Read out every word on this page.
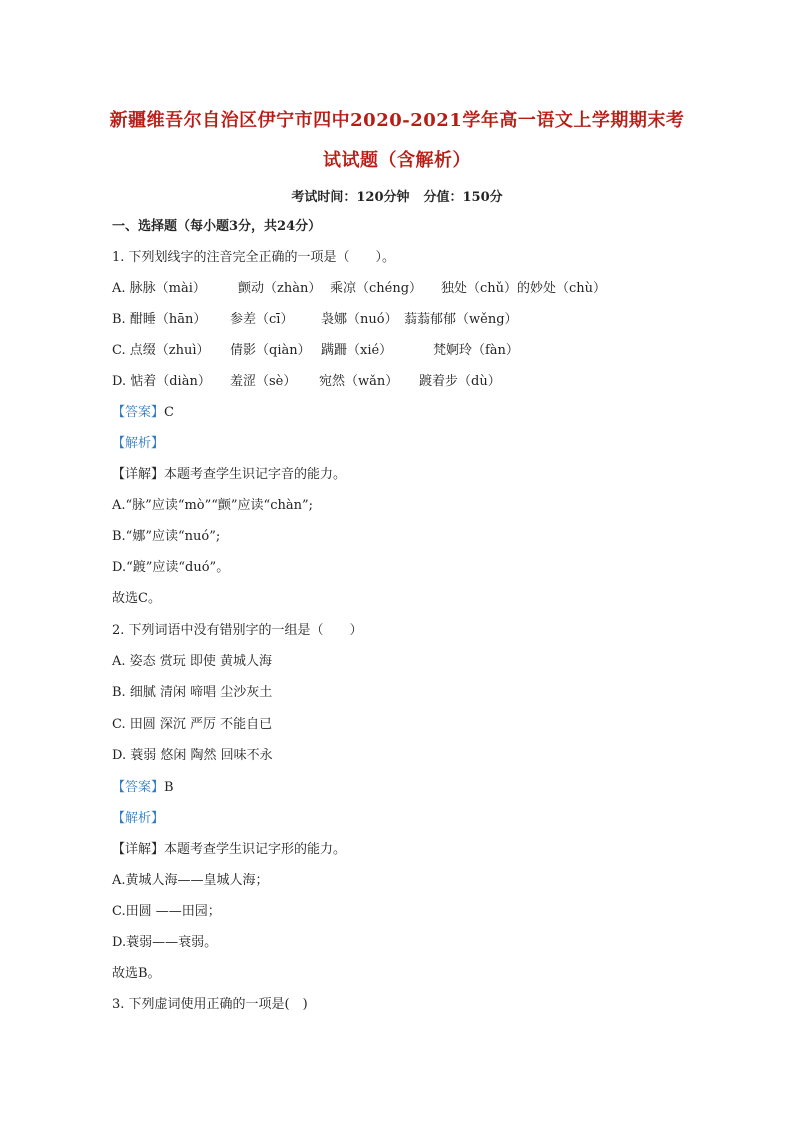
新疆维吾尔自治区伊宁市四中2020-2021学年高一语文上学期期末考
试试题（含解析）
考试时间：120分钟 分值：150分
一、选择题（每小题3分，共24分）
1. 下列划线字的注音完全正确的一项是（　　）。
A. 脉脉（mài） 颤动（zhàn） 乘凉（chéng） 独处（chǔ）的妙处（chù）
B. 酣睡（hān） 参差（cī） 袅娜（nuó） 蓊蓊郁郁（wěng）
C. 点缀（zhuì） 倩影（qiàn） 蹒跚（xié）	梵婀玲（fàn）
D. 惦着（diàn） 羞涩（sè） 宛然（wǎn） 踱着步（dù）
【答案】C
【解析】
【详解】本题考查学生识记字音的能力。
A.“脉”应读“mò”“颤”应读“chàn”;
B.“娜”应读“nuó”;
D.“踱”应读“duó”。
故选C。
2. 下列词语中没有错别字的一组是（　　）
A. 姿态 赏玩 即使 黄城人海
B. 细腻 清闲 啼唱 尘沙灰土
C. 田圆 深沉 严厉 不能自已
D. 蓑弱 悠闲 陶然 回味不永
【答案】B
【解析】
【详解】本题考查学生识记字形的能力。
A.黄城人海——皇城人海；
C.田圆 ——田园；
D.蓑弱——衰弱。
故选B。
3. 下列虚词使用正确的一项是(　)
